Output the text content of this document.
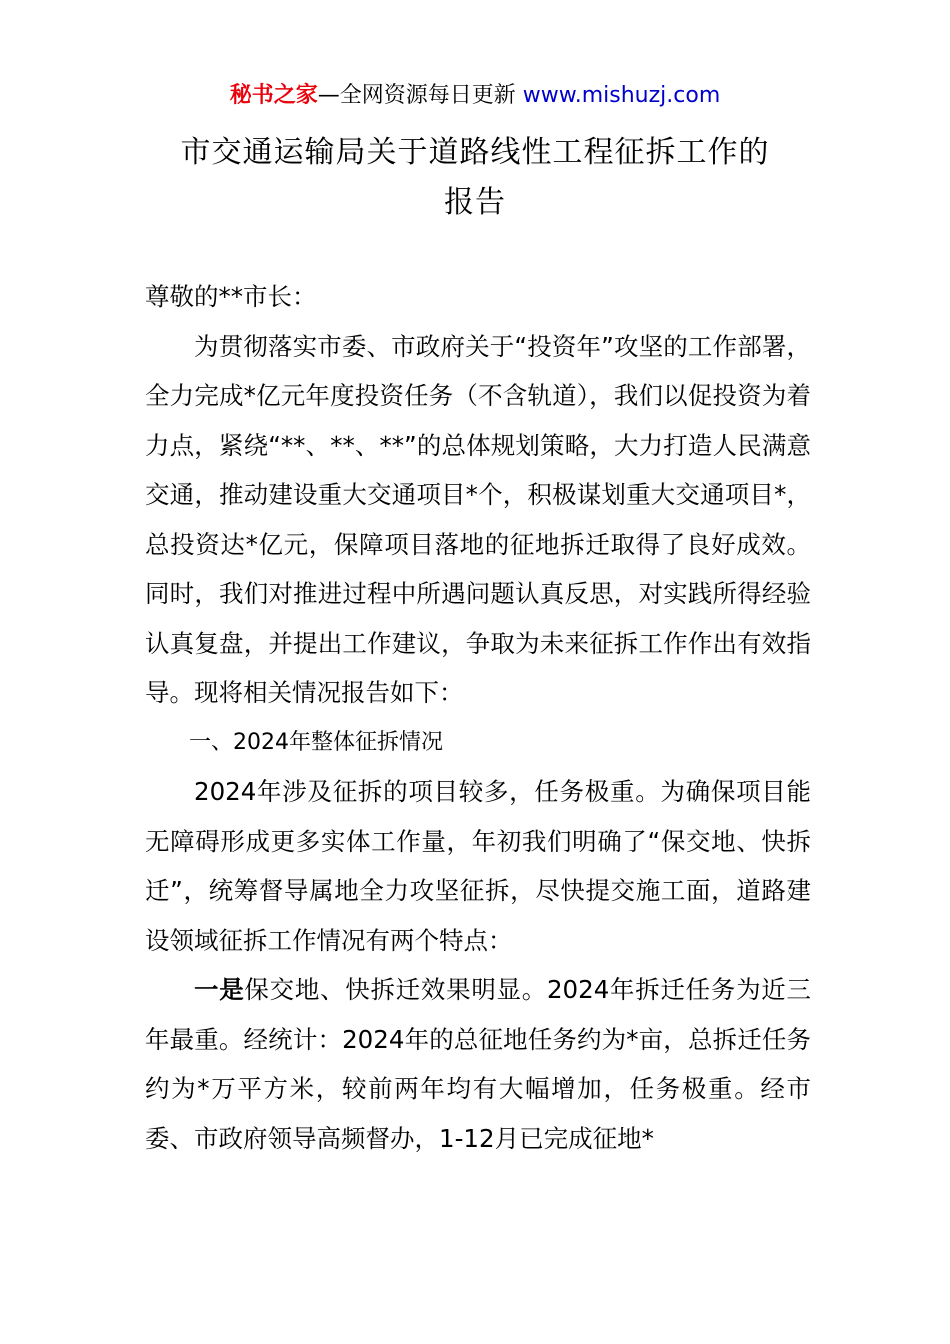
秘书之家—全网资源每日更新 www.mishuzj.com
市交通运输局关于道路线性工程征拆工作的
报告

尊敬的**市长：

为贯彻落实市委、市政府关于“投资年”攻坚的工作部署，全力完成*亿元年度投资任务（不含轨道），我们以促投资为着力点，紧绕“**、**、**”的总体规划策略，大力打造人民满意交通，推动建设重大交通项目*个，积极谋划重大交通项目*，总投资达*亿元，保障项目落地的征地拆迁取得了良好成效。同时，我们对推进过程中所遇问题认真反思，对实践所得经验认真复盘，并提出工作建议，争取为未来征拆工作作出有效指导。现将相关情况报告如下：

一、2024年整体征拆情况

2024年涉及征拆的项目较多，任务极重。为确保项目能无障碍形成更多实体工作量，年初我们明确了“保交地、快拆迁”，统筹督导属地全力攻坚征拆，尽快提交施工面，道路建设领域征拆工作情况有两个特点：

一是保交地、快拆迁效果明显。2024年拆迁任务为近三年最重。经统计：2024年的总征地任务约为*亩，总拆迁任务约为*万平方米，较前两年均有大幅增加，任务极重。经市委、市政府领导高频督办，1-12月已完成征地*
